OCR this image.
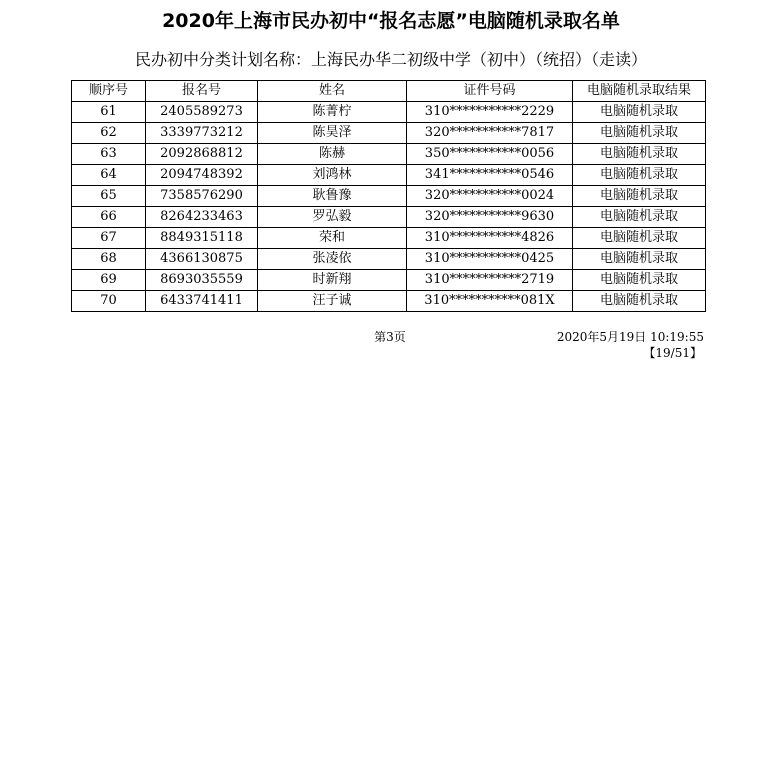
2020年上海市民办初中“报名志愿”电脑随机录取名单
民办初中分类计划名称：上海民办华二初级中学（初中）（统招）（走读）
顺序号	报名号	姓名	证件号码	电脑随机录取结果
61	2405589273	陈菁柠	310***********2229	电脑随机录取
62	3339773212	陈昊泽	320***********7817	电脑随机录取
63	2092868812	陈赫	350***********0056	电脑随机录取
64	2094748392	刘鸿林	341***********0546	电脑随机录取
65	7358576290	耿鲁豫	320***********0024	电脑随机录取
66	8264233463	罗弘毅	320***********9630	电脑随机录取
67	8849315118	荣和	310***********4826	电脑随机录取
68	4366130875	张凌依	310***********0425	电脑随机录取
69	8693035559	时新翔	310***********2719	电脑随机录取
70	6433741411	汪子诚	310***********081X	电脑随机录取
第3页	2020年5月19日 10:19:55
【19/51】
